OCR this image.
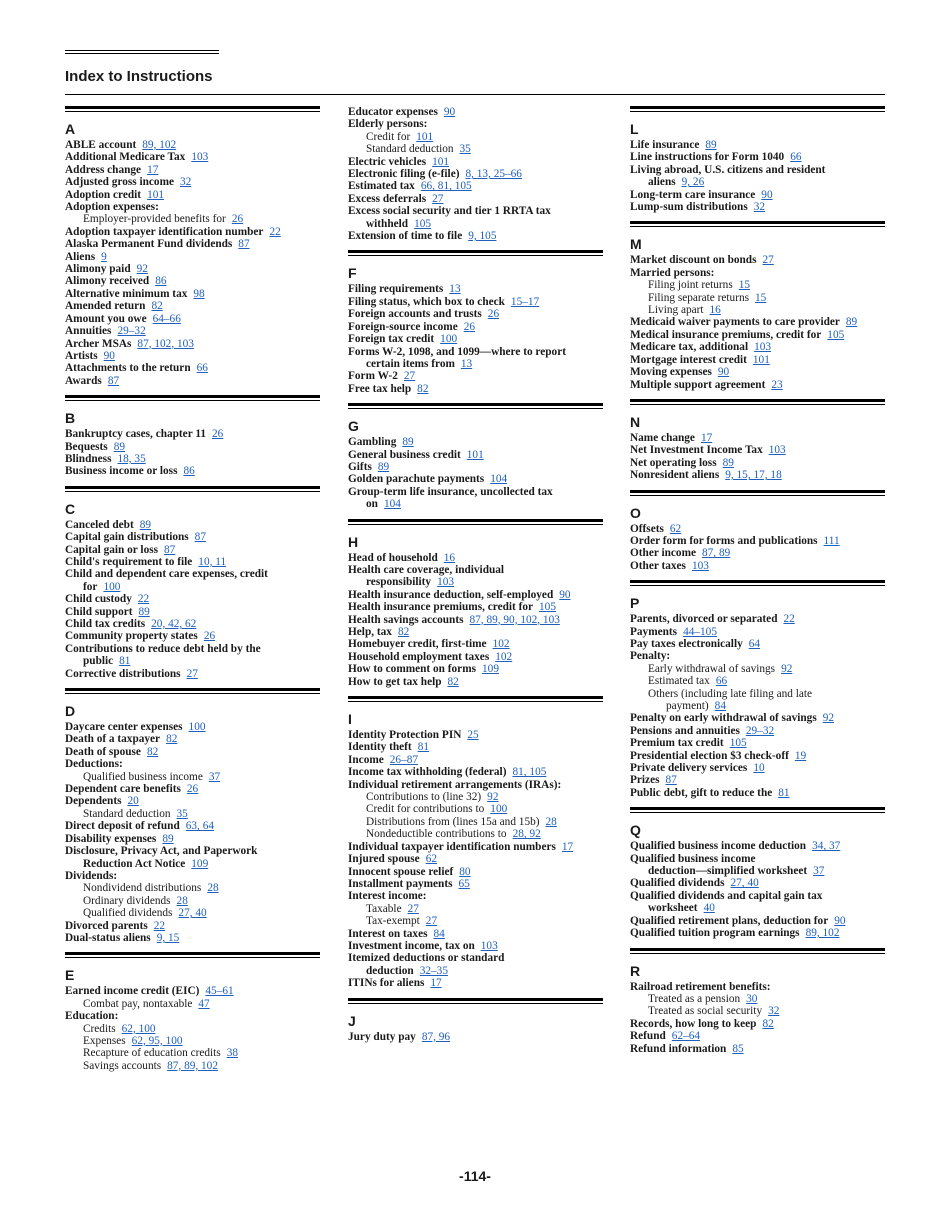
Index to Instructions
A
ABLE account 89, 102
Additional Medicare Tax 103
Address change 17
Adjusted gross income 32
Adoption credit 101
Adoption expenses:
Employer-provided benefits for 26
Adoption taxpayer identification number 22
Alaska Permanent Fund dividends 87
Aliens 9
Alimony paid 92
Alimony received 86
Alternative minimum tax 98
Amended return 82
Amount you owe 64–66
Annuities 29–32
Archer MSAs 87, 102, 103
Artists 90
Attachments to the return 66
Awards 87
B
Bankruptcy cases, chapter 11 26
Bequests 89
Blindness 18, 35
Business income or loss 86
C
Canceled debt 89
Capital gain distributions 87
Capital gain or loss 87
Child's requirement to file 10, 11
Child and dependent care expenses, credit
for 100
Child custody 22
Child support 89
Child tax credits 20, 42, 62
Community property states 26
Contributions to reduce debt held by the
public 81
Corrective distributions 27
D
Daycare center expenses 100
Death of a taxpayer 82
Death of spouse 82
Deductions:
Qualified business income 37
Dependent care benefits 26
Dependents 20
Standard deduction 35
Direct deposit of refund 63, 64
Disability expenses 89
Disclosure, Privacy Act, and Paperwork
Reduction Act Notice 109
Dividends:
Nondividend distributions 28
Ordinary dividends 28
Qualified dividends 27, 40
Divorced parents 22
Dual-status aliens 9, 15
E
Earned income credit (EIC) 45–61
Combat pay, nontaxable 47
Education:
Credits 62, 100
Expenses 62, 95, 100
Recapture of education credits 38
Savings accounts 87, 89, 102
Educator expenses 90
Elderly persons:
Credit for 101
Standard deduction 35
Electric vehicles 101
Electronic filing (e-file) 8, 13, 25–66
Estimated tax 66, 81, 105
Excess deferrals 27
Excess social security and tier 1 RRTA tax
withheld 105
Extension of time to file 9, 105
F
Filing requirements 13
Filing status, which box to check 15–17
Foreign accounts and trusts 26
Foreign-source income 26
Foreign tax credit 100
Forms W-2, 1098, and 1099—where to report
certain items from 13
Form W-2 27
Free tax help 82
G
Gambling 89
General business credit 101
Gifts 89
Golden parachute payments 104
Group-term life insurance, uncollected tax
on 104
H
Head of household 16
Health care coverage, individual
responsibility 103
Health insurance deduction, self-employed 90
Health insurance premiums, credit for 105
Health savings accounts 87, 89, 90, 102, 103
Help, tax 82
Homebuyer credit, first-time 102
Household employment taxes 102
How to comment on forms 109
How to get tax help 82
I
Identity Protection PIN 25
Identity theft 81
Income 26–87
Income tax withholding (federal) 81, 105
Individual retirement arrangements (IRAs):
Contributions to (line 32) 92
Credit for contributions to 100
Distributions from (lines 15a and 15b) 28
Nondeductible contributions to 28, 92
Individual taxpayer identification numbers 17
Injured spouse 62
Innocent spouse relief 80
Installment payments 65
Interest income:
Taxable 27
Tax-exempt 27
Interest on taxes 84
Investment income, tax on 103
Itemized deductions or standard
deduction 32–35
ITINs for aliens 17
J
Jury duty pay 87, 96
L
Life insurance 89
Line instructions for Form 1040 66
Living abroad, U.S. citizens and resident
aliens 9, 26
Long-term care insurance 90
Lump-sum distributions 32
M
Market discount on bonds 27
Married persons:
Filing joint returns 15
Filing separate returns 15
Living apart 16
Medicaid waiver payments to care provider 89
Medical insurance premiums, credit for 105
Medicare tax, additional 103
Mortgage interest credit 101
Moving expenses 90
Multiple support agreement 23
N
Name change 17
Net Investment Income Tax 103
Net operating loss 89
Nonresident aliens 9, 15, 17, 18
O
Offsets 62
Order form for forms and publications 111
Other income 87, 89
Other taxes 103
P
Parents, divorced or separated 22
Payments 44–105
Pay taxes electronically 64
Penalty:
Early withdrawal of savings 92
Estimated tax 66
Others (including late filing and late
payment) 84
Penalty on early withdrawal of savings 92
Pensions and annuities 29–32
Premium tax credit 105
Presidential election $3 check-off 19
Private delivery services 10
Prizes 87
Public debt, gift to reduce the 81
Q
Qualified business income deduction 34, 37
Qualified business income
deduction—simplified worksheet 37
Qualified dividends 27, 40
Qualified dividends and capital gain tax
worksheet 40
Qualified retirement plans, deduction for 90
Qualified tuition program earnings 89, 102
R
Railroad retirement benefits:
Treated as a pension 30
Treated as social security 32
Records, how long to keep 82
Refund 62–64
Refund information 85
-114-
